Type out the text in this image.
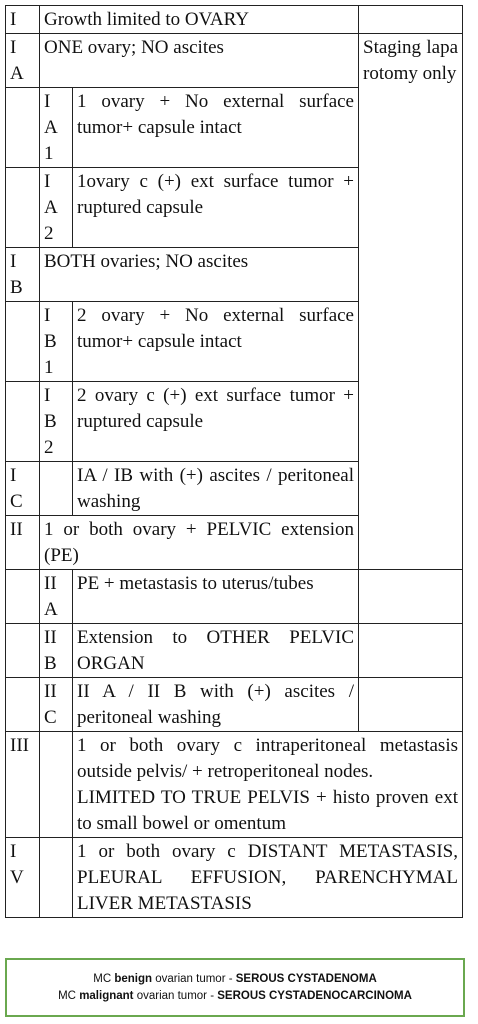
I	Growth limited to OVARY		

IA	ONE ovary; NO ascites		Staging laparotomy only

	IA1	1 ovary + No external surface tumor+ capsule intact	

	IA2	1ovary c (+) ext surface tumor + ruptured capsule	

IB	BOTH ovaries; NO ascites		

	IB1	2 ovary + No external surface tumor+ capsule intact	

	IB2	2 ovary c (+) ext surface tumor + ruptured capsule	

IC		IA / IB with (+) ascites / peritoneal washing	

II	1 or both ovary + PELVIC extension (PE)		

	IIA	PE + metastasis to uterus/tubes	

	IIB	Extension to OTHER PELVIC ORGAN	

	IIC	II A / II B with (+) ascites / peritoneal washing	

III		1 or both ovary c intraperitoneal metastasis outside pelvis/ + retroperitoneal nodes.
LIMITED TO TRUE PELVIS + histo proven ext to small bowel or omentum	

IV		1 or both ovary c DISTANT METASTASIS, PLEURAL EFFUSION, PARENCHYMAL LIVER METASTASIS	
MC benign ovarian tumor - SEROUS CYSTADENOMA
MC malignant ovarian tumor - SEROUS CYSTADENOCARCINOMA
